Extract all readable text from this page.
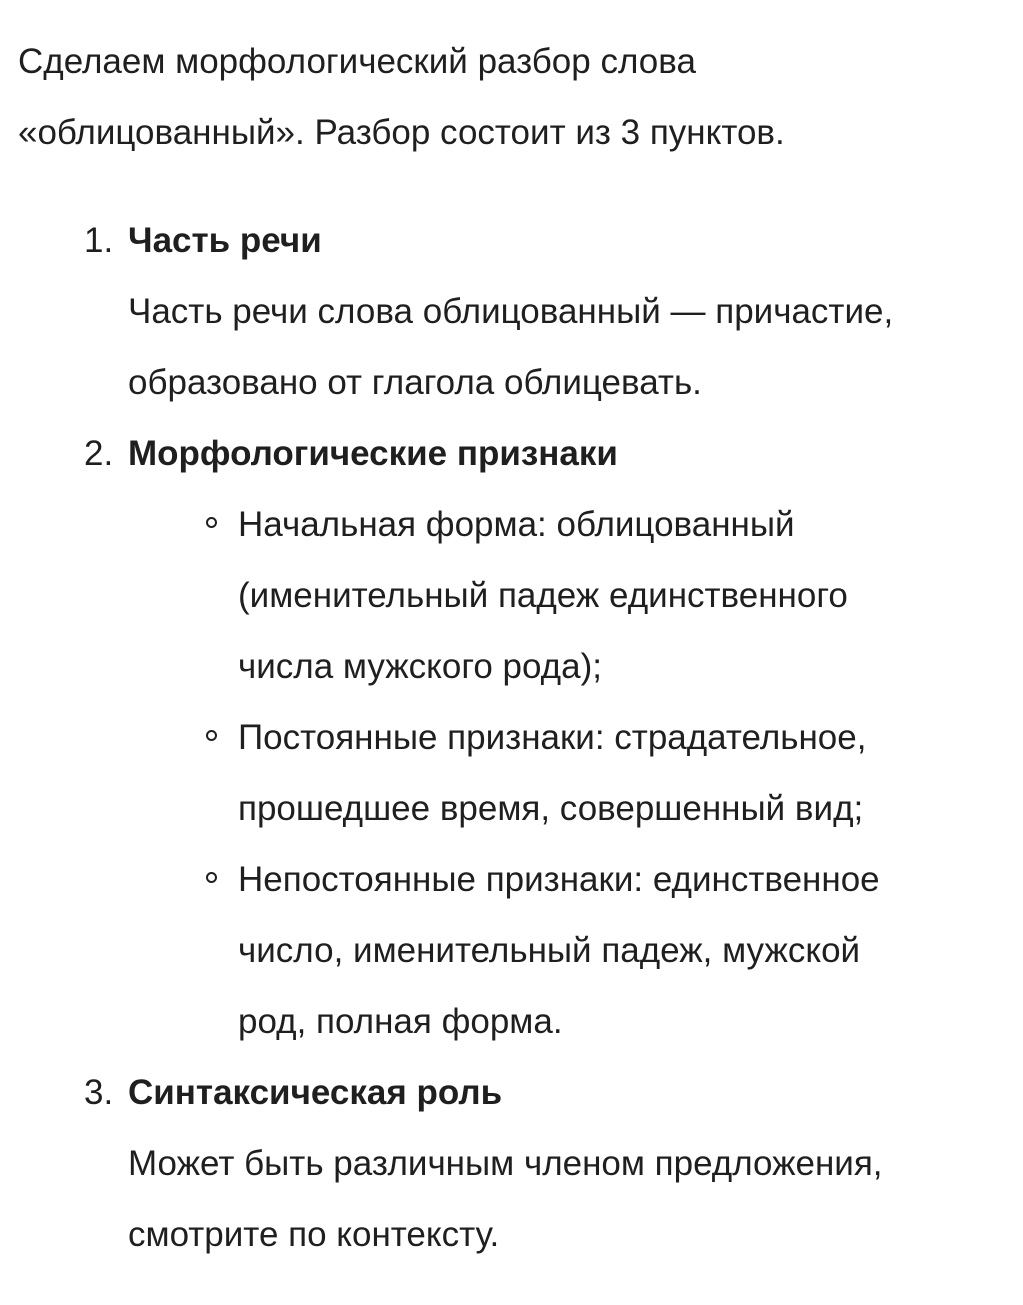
Сделаем морфологический разбор слова
«облицованный». Разбор состоит из 3 пунктов.
1. Часть речи
Часть речи слова облицованный — причастие,
образовано от глагола облицевать.
2. Морфологические признаки
Начальная форма: облицованный
(именительный падеж единственного
числа мужского рода);
Постоянные признаки: страдательное,
прошедшее время, совершенный вид;
Непостоянные признаки: единственное
число, именительный падеж, мужской
род, полная форма.
3. Синтаксическая роль
Может быть различным членом предложения,
смотрите по контексту.
